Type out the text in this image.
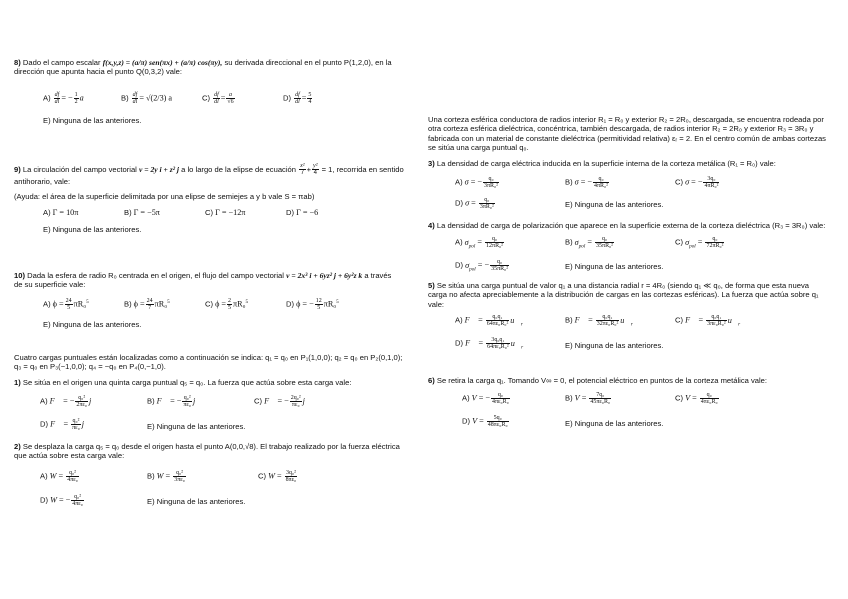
8) Dado el campo escalar f(x,y,z) = (a/π) sen(πx) + (a/π) cos(πy), su derivada direccional en el punto P(1,2,0), en la
dirección que apunta hacia el punto Q(0,3,2) vale:

$A) \frac{df}{dl}$ = − $\frac{1}{2}$ a	$B) \frac{df}{dl} = √(2/3)$ a	$C) \frac{df}{dl} = \frac{a}{√6}$	$D) \frac{df}{dl} = \frac{5}{4}$
E) Ninguna de las anteriores.

9) La circulación del campo vectorial v = 2y i + z² j a lo largo de la elipse de ecuación $\frac{\text{x²}}{7} + \frac{\text{y²}}{4} = 1$, recorrida en sentido
antihorario, vale:

(Ayuda: el área de la superficie delimitada por una elipse de semiejes a y b vale S = πab)

A) Γ = 10π	B) Γ = −5π	C) Γ = −12π	D) Γ = −6
E) Ninguna de las anteriores.

10) Dada la esfera de radio R₀ centrada en el origen, el flujo del campo vectorial v = 2x³ i + 6yz² j + 6y²z k a través
de su superficie vale:

A) $\phi = \frac{24}{5} \pi R_0^5$	B) $\phi = \frac{24}{7} \pi R_0^5$	C) $\phi = \frac{2}{5} \pi R_0^5$	D) ϕ = − $\frac{12}{5} \pi R_0^5$
E) Ninguna de las anteriores.

Cuatro cargas puntuales están localizadas como a continuación se indica: q₁ = q₀ en P₁(1,0,0); q₂ = q₀ en P₂(0,1,0);

q₃ = q₀ en P₃(−1,0,0); q₄ = −q₀ en P₄(0,−1,0).

1) Se sitúa en el origen una quinta carga puntual q₅ = q₀. La fuerza que actúa sobre esta carga vale:

A) F⃗ = − $\frac{\text{q₀²}}{\text{2πε₀}}$ j	B) F⃗ = − $\frac{\text{q₀²}}{\text{πε₀}}$ j	C) F⃗ = − $\frac{\text{2q₀²}}{\text{πε₀}}$ j
D) F⃗ = $\frac{\text{q₀²}}{\text{πε₀}}$ j	E) Ninguna de las anteriores.

2) Se desplaza la carga q₅ = q₀ desde el origen hasta el punto A(0,0,√8). El trabajo realizado por la fuerza eléctrica
que actúa sobre esta carga vale:

A) $W = \frac{\text{q₀²}}{\text{4πε₀}}$	B) $W = \frac{\text{q₀²}}{\text{3πε₀}}$	C) $W = \frac{\text{3q₀²}}{\text{8πε₀}}$
D) W = − $\frac{\text{q₀²}}{\text{4πε₀}}$	E) Ninguna de las anteriores.

Una corteza esférica conductora de radios interior R₁ = R₀ y exterior R₂ = 2R₀, descargada, se encuentra rodeada por

otra corteza esférica dieléctrica, concéntrica, también descargada, de radios interior R₂ = 2R₀ y exterior R₃ = 3R₀ y

fabricada con un material de constante dieléctrica (permitividad relativa) εᵣ = 2. En el centro común de ambas cortezas

se sitúa una carga puntual q₀.

3) La densidad de carga eléctrica inducida en la superficie interna de la corteza metálica (R₁ = R₀) vale:

A) σ = − $\frac{\text{q₀}}{\text{3πR₀²}}$	B) σ = − $\frac{\text{q₀}}{\text{4πR₀²}}$	C) σ = − $\frac{\text{3q₀}}{\text{4πR₀²}}$
D) $\sigma = \frac{\text{q₀}}{\text{3πR₀²}}$	E) Ninguna de las anteriores.

4) La densidad de carga de polarización que aparece en la superficie externa de la corteza dieléctrica (R₃ = 3R₀) vale:

A) $\sigma_{pol} = \frac{\text{q₀}}{\text{12πR₀²}}$	B) $\sigma_{pol} = \frac{\text{q₀}}{\text{35πR₀²}}$	C) $\sigma_{pol} = \frac{\text{q₀}}{\text{72πR₀²}}$
D) $\sigma_{pol}$ = − $\frac{\text{q₀}}{\text{35πR₀²}}$	E) Ninguna de las anteriores.

5) Se sitúa una carga puntual de valor q₁ a una distancia radial r = 4R₀ (siendo q₁ ≪ q₀, de forma que esta nueva
carga no afecta apreciablemente a la distribución de cargas en las cortezas esféricas). La fuerza que actúa sobre q₁
vale:

A) F⃗ = $\frac{\text{q₀q₁}}{\text{64πε₀R₀²}}$ $u⃗_r$	B) F⃗ = $\frac{\text{q₀q₁}}{\text{32πε₀R₀²}}$ $u⃗_r$	C) F⃗ = $\frac{\text{q₀q₁}}{\text{3πε₀R₀²}}$ $u⃗_r$
D) F⃗ = $\frac{\text{3q₀q₁}}{\text{64πε₀R₀²}}$ $u⃗_r$	E) Ninguna de las anteriores.

6) Se retira la carga q₁. Tomando V∞ = 0, el potencial eléctrico en puntos de la corteza metálica vale:

A) V = − $\frac{\text{q₀}}{\text{4πε₀R₀}}$	B) $V = \frac{\text{7q₀}}{\text{45πε₀R₀}}$	C) $V = \frac{\text{q₀}}{\text{4πε₀R₀}}$
D) $V = \frac{\text{5q₀}}{\text{48πε₀R₀}}$	E) Ninguna de las anteriores.
